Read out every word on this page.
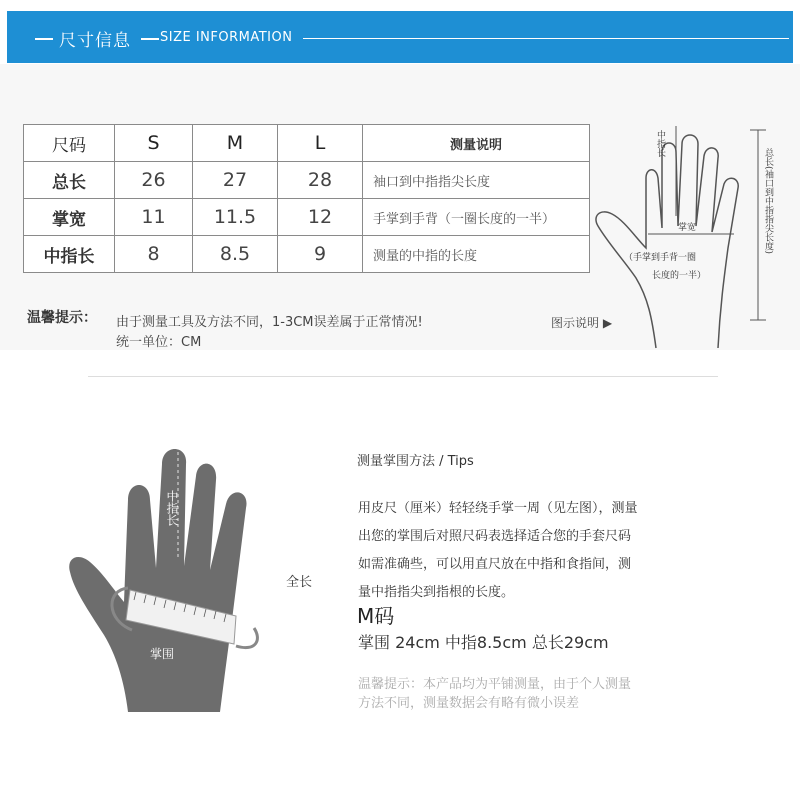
尺寸信息 SIZE INFORMATION
尺码	S	M	L	测量说明
总长	26	27	28	袖口到中指指尖长度
掌宽	11	11.5	12	手掌到手背（一圈长度的一半）
中指长	8	8.5	9	测量的中指的长度
温馨提示： 由于测量工具及方法不同，1-3CM误差属于正常情况!
统一单位：CM
图示说明 ▶
中指长
掌宽
（手掌到手背一圈
长度的一半）
总长(袖口到中指指尖长度)
中指长
掌围
全长
测量掌围方法 / Tips
用皮尺（厘米）轻轻绕手掌一周（见左图），测量
出您的掌围后对照尺码表选择适合您的手套尺码
如需准确些，可以用直尺放在中指和食指间，测
量中指指尖到指根的长度。
M码
掌围 24cm 中指8.5cm 总长29cm
温馨提示：本产品均为平铺测量，由于个人测量
方法不同，测量数据会有略有微小误差
